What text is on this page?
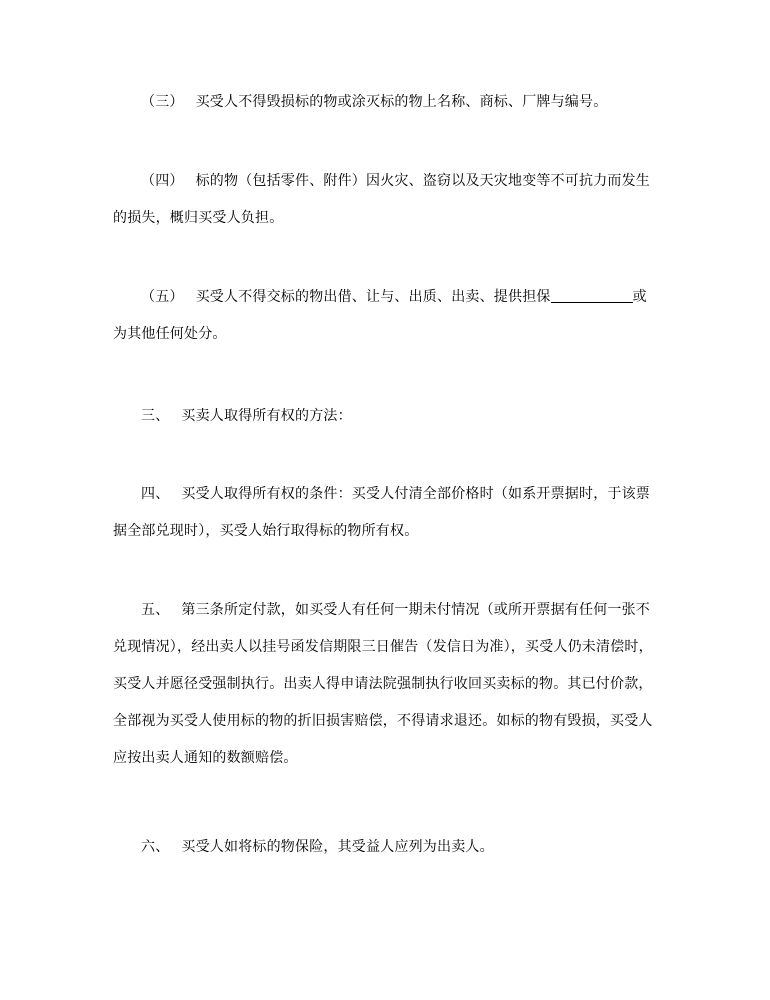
（三） 买受人不得毁损标的物或涂灭标的物上名称、商标、厂牌与编号。

（四） 标的物（包括零件、附件）因火灾、盗窃以及天灾地变等不可抗力而发生的损失，概归买受人负担。

（五） 买受人不得交标的物出借、让与、出质、出卖、提供担保	或为其他任何处分。

三、 买卖人取得所有权的方法：

四、 买受人取得所有权的条件：买受人付清全部价格时（如系开票据时，于该票据全部兑现时），买受人始行取得标的物所有权。

五、 第三条所定付款，如买受人有任何一期未付情况（或所开票据有任何一张不兑现情况），经出卖人以挂号函发信期限三日催告（发信日为准），买受人仍未清偿时，买受人并愿径受强制执行。出卖人得申请法院强制执行收回买卖标的物。其已付价款，全部视为买受人使用标的物的折旧损害赔偿，不得请求退还。如标的物有毁损，买受人应按出卖人通知的数额赔偿。

六、 买受人如将标的物保险，其受益人应列为出卖人。
